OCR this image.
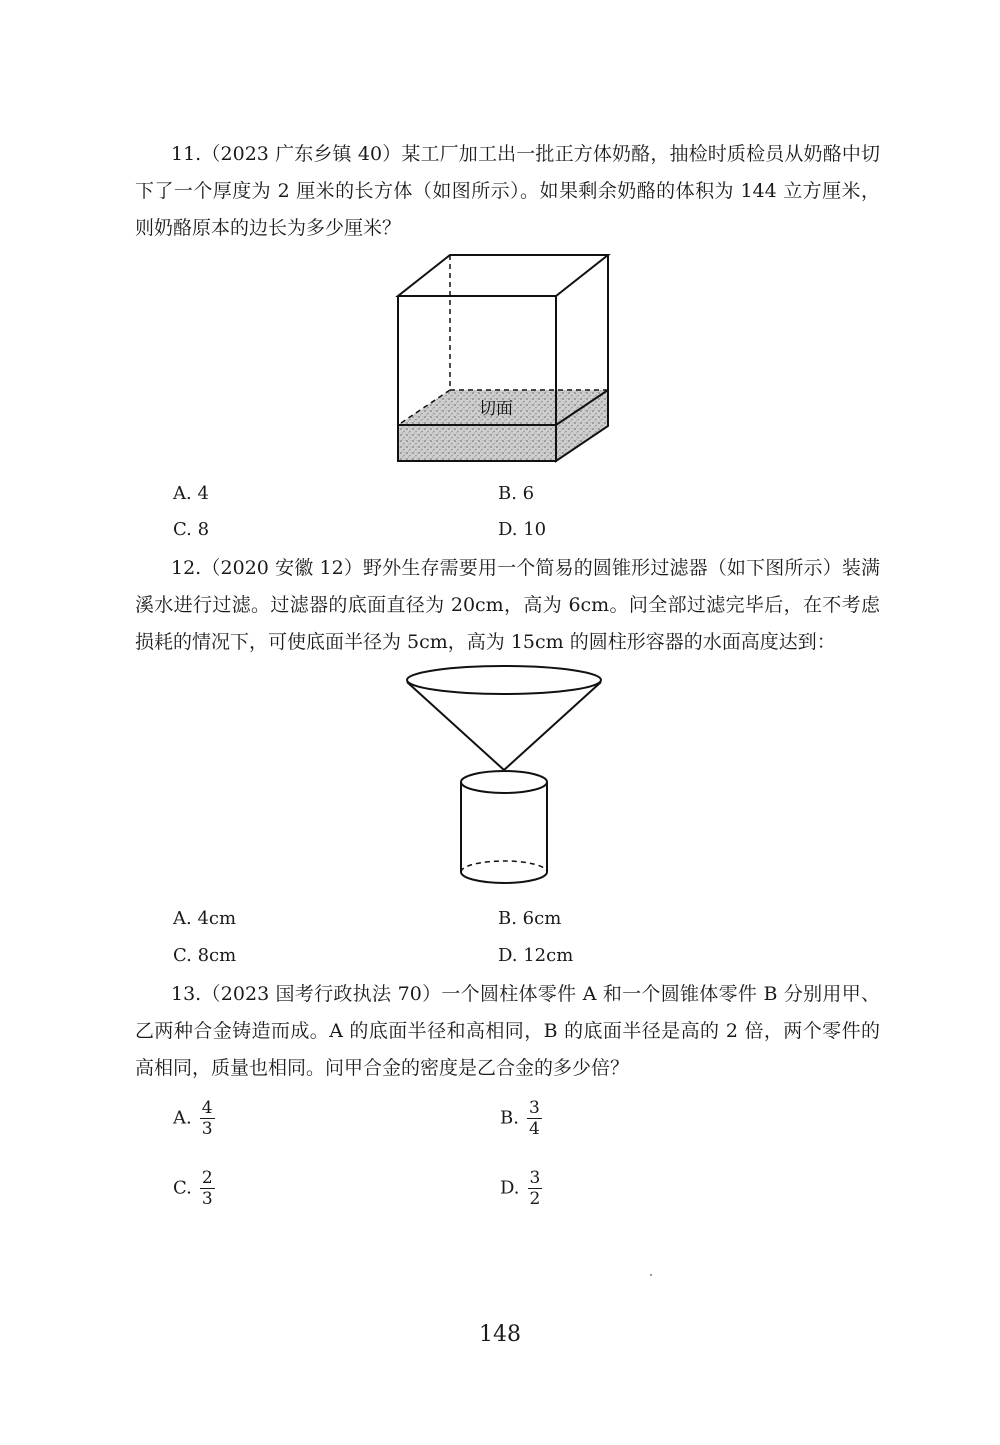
11.（2023 广东乡镇 40）某工厂加工出一批正方体奶酪，抽检时质检员从奶酪中切下了一个厚度为 2 厘米的长方体（如图所示）。如果剩余奶酪的体积为 144 立方厘米，则奶酪原本的边长为多少厘米？

切面
A. 4	B. 6
C. 8	D. 10

12.（2020 安徽 12）野外生存需要用一个简易的圆锥形过滤器（如下图所示）装满溪水进行过滤。过滤器的底面直径为 20cm，高为 6cm。问全部过滤完毕后，在不考虑损耗的情况下，可使底面半径为 5cm，高为 15cm 的圆柱形容器的水面高度达到：

A. 4cm	B. 6cm
C. 8cm	D. 12cm

13.（2023 国考行政执法 70）一个圆柱体零件 A 和一个圆锥体零件 B 分别用甲、乙两种合金铸造而成。A 的底面半径和高相同，B 的底面半径是高的 2 倍，两个零件的高相同，质量也相同。问甲合金的密度是乙合金的多少倍？

A. $\frac{4}{3}$	B. $\frac{3}{4}$
C. $\frac{2}{3}$	D. $\frac{3}{2}$
148
